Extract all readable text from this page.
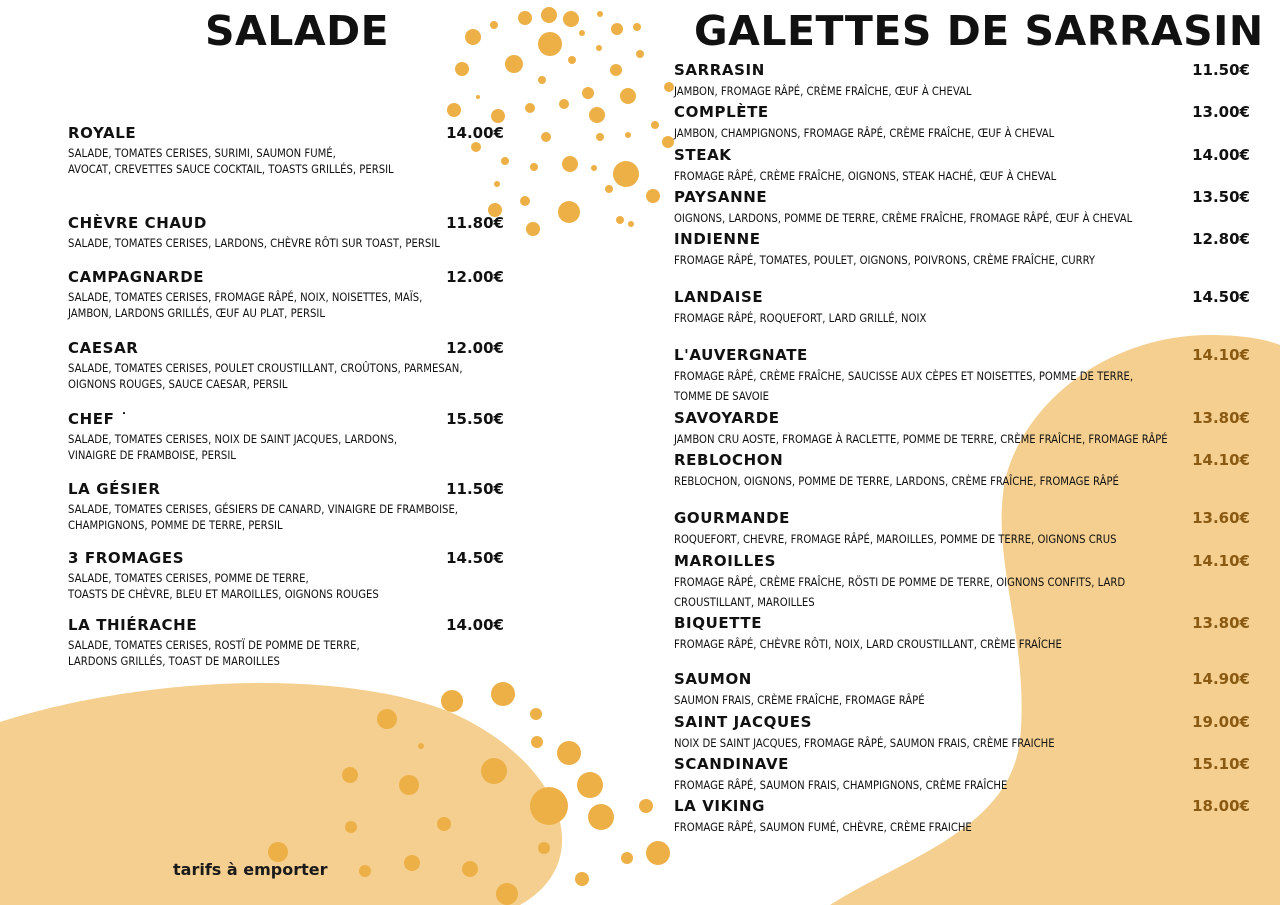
SALADE	GALETTES DE SARRASIN
ROYALE	14.00€

SALADE, TOMATES CERISES, SURIMI, SAUMON FUMÉ,
AVOCAT, CREVETTES SAUCE COCKTAIL, TOASTS GRILLÉS, PERSIL

CHÈVRE CHAUD	11.80€

SALADE, TOMATES CERISES, LARDONS, CHÈVRE RÔTI SUR TOAST, PERSIL

CAMPAGNARDE	12.00€

SALADE, TOMATES CERISES, FROMAGE RÂPÉ, NOIX, NOISETTES, MAÏS,
JAMBON, LARDONS GRILLÉS, ŒUF AU PLAT, PERSIL

CAESAR	12.00€

SALADE, TOMATES CERISES, POULET CROUSTILLANT, CROÛTONS, PARMESAN,
OIGNONS ROUGES, SAUCE CAESAR, PERSIL

CHEF ˙	15.50€

SALADE, TOMATES CERISES, NOIX DE SAINT JACQUES, LARDONS,
VINAIGRE DE FRAMBOISE, PERSIL

LA GÉSIER	11.50€

SALADE, TOMATES CERISES, GÉSIERS DE CANARD, VINAIGRE DE FRAMBOISE,
CHAMPIGNONS, POMME DE TERRE, PERSIL

3 FROMAGES	14.50€

SALADE, TOMATES CERISES, POMME DE TERRE,
TOASTS DE CHÈVRE, BLEU ET MAROILLES, OIGNONS ROUGES

LA THIÉRACHE	14.00€

SALADE, TOMATES CERISES, ROSTÏ DE POMME DE TERRE,
LARDONS GRILLÉS, TOAST DE MAROILLES

SARRASIN	11.50€

JAMBON, FROMAGE RÂPÉ, CRÈME FRAÎCHE, ŒUF À CHEVAL

COMPLÈTE	13.00€

JAMBON, CHAMPIGNONS, FROMAGE RÂPÉ, CRÈME FRAÎCHE, ŒUF À CHEVAL

STEAK	14.00€

FROMAGE RÂPÉ, CRÈME FRAÎCHE, OIGNONS, STEAK HACHÉ, ŒUF À CHEVAL

PAYSANNE	13.50€

OIGNONS, LARDONS, POMME DE TERRE, CRÈME FRAÎCHE, FROMAGE RÂPÉ, ŒUF À CHEVAL

INDIENNE	12.80€

FROMAGE RÂPÉ, TOMATES, POULET, OIGNONS, POIVRONS, CRÈME FRAÎCHE, CURRY

LANDAISE	14.50€

FROMAGE RÂPÉ, ROQUEFORT, LARD GRILLÉ, NOIX

L'AUVERGNATE	14.10€

FROMAGE RÂPÉ, CRÈME FRAÎCHE, SAUCISSE AUX CÈPES ET NOISETTES, POMME DE TERRE,
TOMME DE SAVOIE

SAVOYARDE	13.80€

JAMBON CRU AOSTE, FROMAGE À RACLETTE, POMME DE TERRE, CRÈME FRAÎCHE, FROMAGE RÂPÉ

REBLOCHON	14.10€

REBLOCHON, OIGNONS, POMME DE TERRE, LARDONS, CRÈME FRAÎCHE, FROMAGE RÂPÉ

GOURMANDE	13.60€

ROQUEFORT, CHEVRE, FROMAGE RÂPÉ, MAROILLES, POMME DE TERRE, OIGNONS CRUS

MAROILLES	14.10€

FROMAGE RÂPÉ, CRÈME FRAÎCHE, RÖSTI DE POMME DE TERRE, OIGNONS CONFITS, LARD
CROUSTILLANT, MAROILLES

BIQUETTE	13.80€

FROMAGE RÂPÉ, CHÈVRE RÔTI, NOIX, LARD CROUSTILLANT, CRÈME FRAÎCHE

SAUMON	14.90€

SAUMON FRAIS, CRÈME FRAÎCHE, FROMAGE RÂPÉ

SAINT JACQUES	19.00€

NOIX DE SAINT JACQUES, FROMAGE RÂPÉ, SAUMON FRAIS, CRÈME FRAICHE

SCANDINAVE	15.10€

FROMAGE RÂPÉ, SAUMON FRAIS, CHAMPIGNONS, CRÈME FRAÎCHE

LA VIKING	18.00€

FROMAGE RÂPÉ, SAUMON FUMÉ, CHÈVRE, CRÈME FRAICHE

tarifs à emporter
